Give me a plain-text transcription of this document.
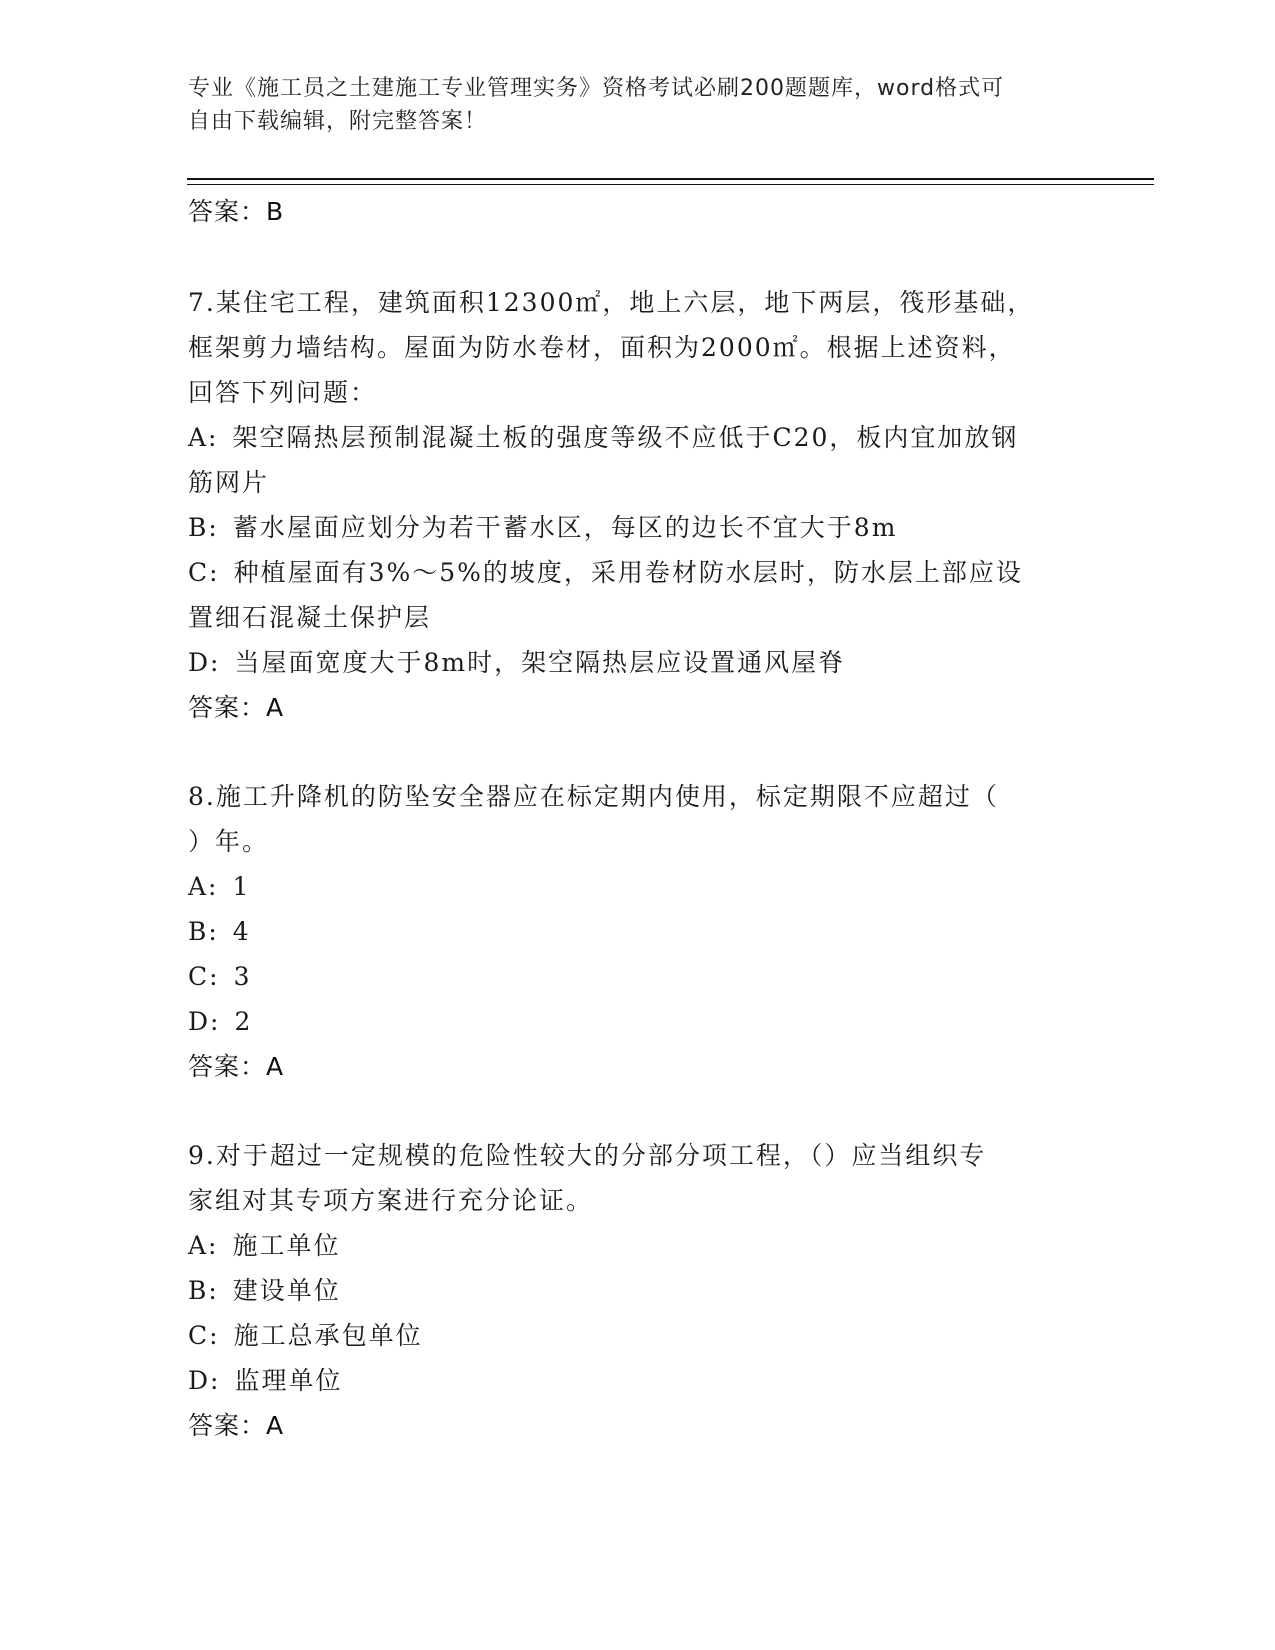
专业《施工员之土建施工专业管理实务》资格考试必刷200题题库，word格式可
自由下载编辑，附完整答案！
答案：B
7.某住宅工程，建筑面积12300㎡，地上六层，地下两层，筏形基础，
框架剪力墙结构。屋面为防水卷材，面积为2000㎡。根据上述资料，
回答下列问题：
A: 架空隔热层预制混凝土板的强度等级不应低于C20，板内宜加放钢
筋网片
B: 蓄水屋面应划分为若干蓄水区，每区的边长不宜大于8m
C: 种植屋面有3%～5%的坡度，采用卷材防水层时，防水层上部应设
置细石混凝土保护层
D: 当屋面宽度大于8m时，架空隔热层应设置通风屋脊
答案：A
8.施工升降机的防坠安全器应在标定期内使用，标定期限不应超过（
）年。
A: 1
B: 4
C: 3
D: 2
答案：A
9.对于超过一定规模的危险性较大的分部分项工程，（）应当组织专
家组对其专项方案进行充分论证。
A: 施工单位
B: 建设单位
C: 施工总承包单位
D: 监理单位
答案：A
